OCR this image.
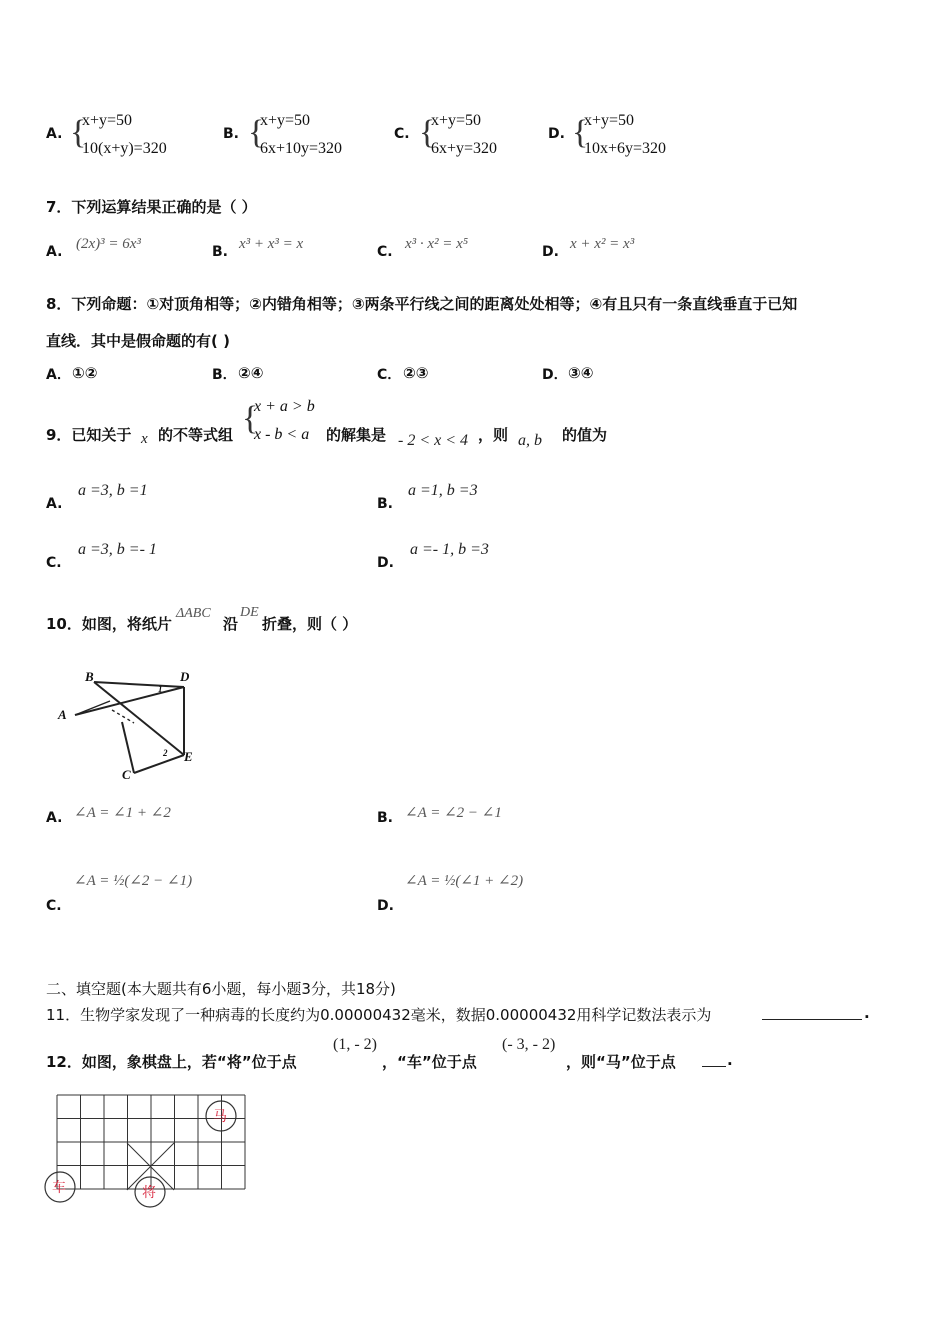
A. {
x+y=50
10(x+y)=320
B. {
x+y=50
6x+10y=320
C. {
x+y=50
6x+y=320
D. {
x+y=50
10x+6y=320
7．下列运算结果正确的是（ ）
A. (2x)³ = 6x³	B. x³ + x³ = x	C. x³ · x² = x⁵	D. x + x² = x³
8．下列命题：①对顶角相等；②内错角相等；③两条平行线之间的距离处处相等；④有且只有一条直线垂直于已知
直线．其中是假命题的有( )
A． ①②	B． ②④	C． ②③	D． ③④
9．已知关于 x 的不等式组 {
x + a > b
x - b < a 的解集是 - 2 < x < 4 ，则 a, b 的值为
A.
a =3, b =1
B.
a =1, b =3
C.
a =3, b =- 1
D.
a =- 1, b =3
10．如图，将纸片
ΔABC
沿
DE
折叠，则（ ）
B	D
A
E
C
1
2
A. ∠A = ∠1 + ∠2	B. ∠A = ∠2 − ∠1
∠A = ½(∠2 − ∠1)
C.
∠A = ½(∠1 + ∠2)
D.
二、填空题(本大题共有6小题，每小题3分，共18分)
11．生物学家发现了一种病毒的长度约为0.00000432毫米，数据0.00000432用科学记数法表示为	.
12．如图，象棋盘上，若“将”位于点
(1, - 2)
，“车”位于点
(- 3, - 2)
，则“马”位于点	.
马
车	将
